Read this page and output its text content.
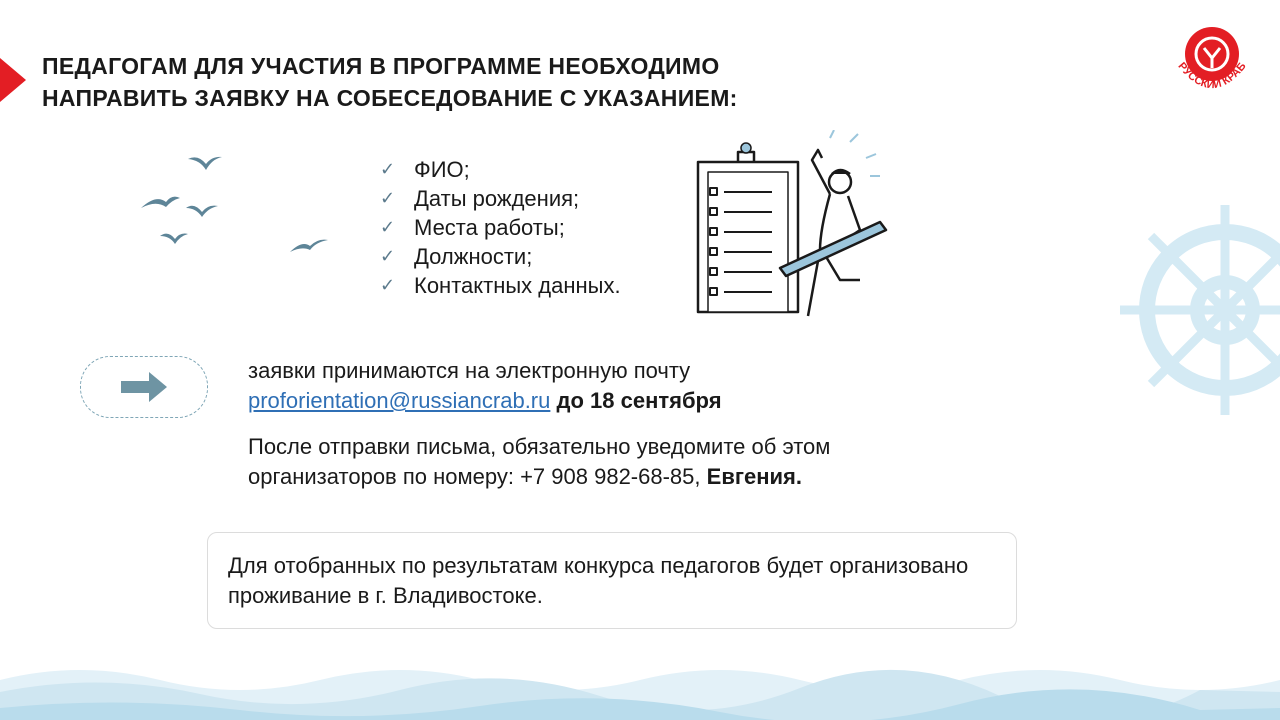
ПЕДАГОГАМ ДЛЯ УЧАСТИЯ В ПРОГРАММЕ НЕОБХОДИМО НАПРАВИТЬ ЗАЯВКУ НА СОБЕСЕДОВАНИЕ С УКАЗАНИЕМ:
РУССКИЙ КРАБ
✓ ФИО;
✓ Даты рождения;
✓ Места работы;
✓ Должности;
✓ Контактных данных.
заявки принимаются на электронную почту
proforientation@russiancrab.ru до 18 сентября
После отправки письма, обязательно уведомите об этом
организаторов по номеру: +7 908 982-68-85, Евгения.
Для отобранных по результатам конкурса педагогов будет организовано проживание в г. Владивостоке.
